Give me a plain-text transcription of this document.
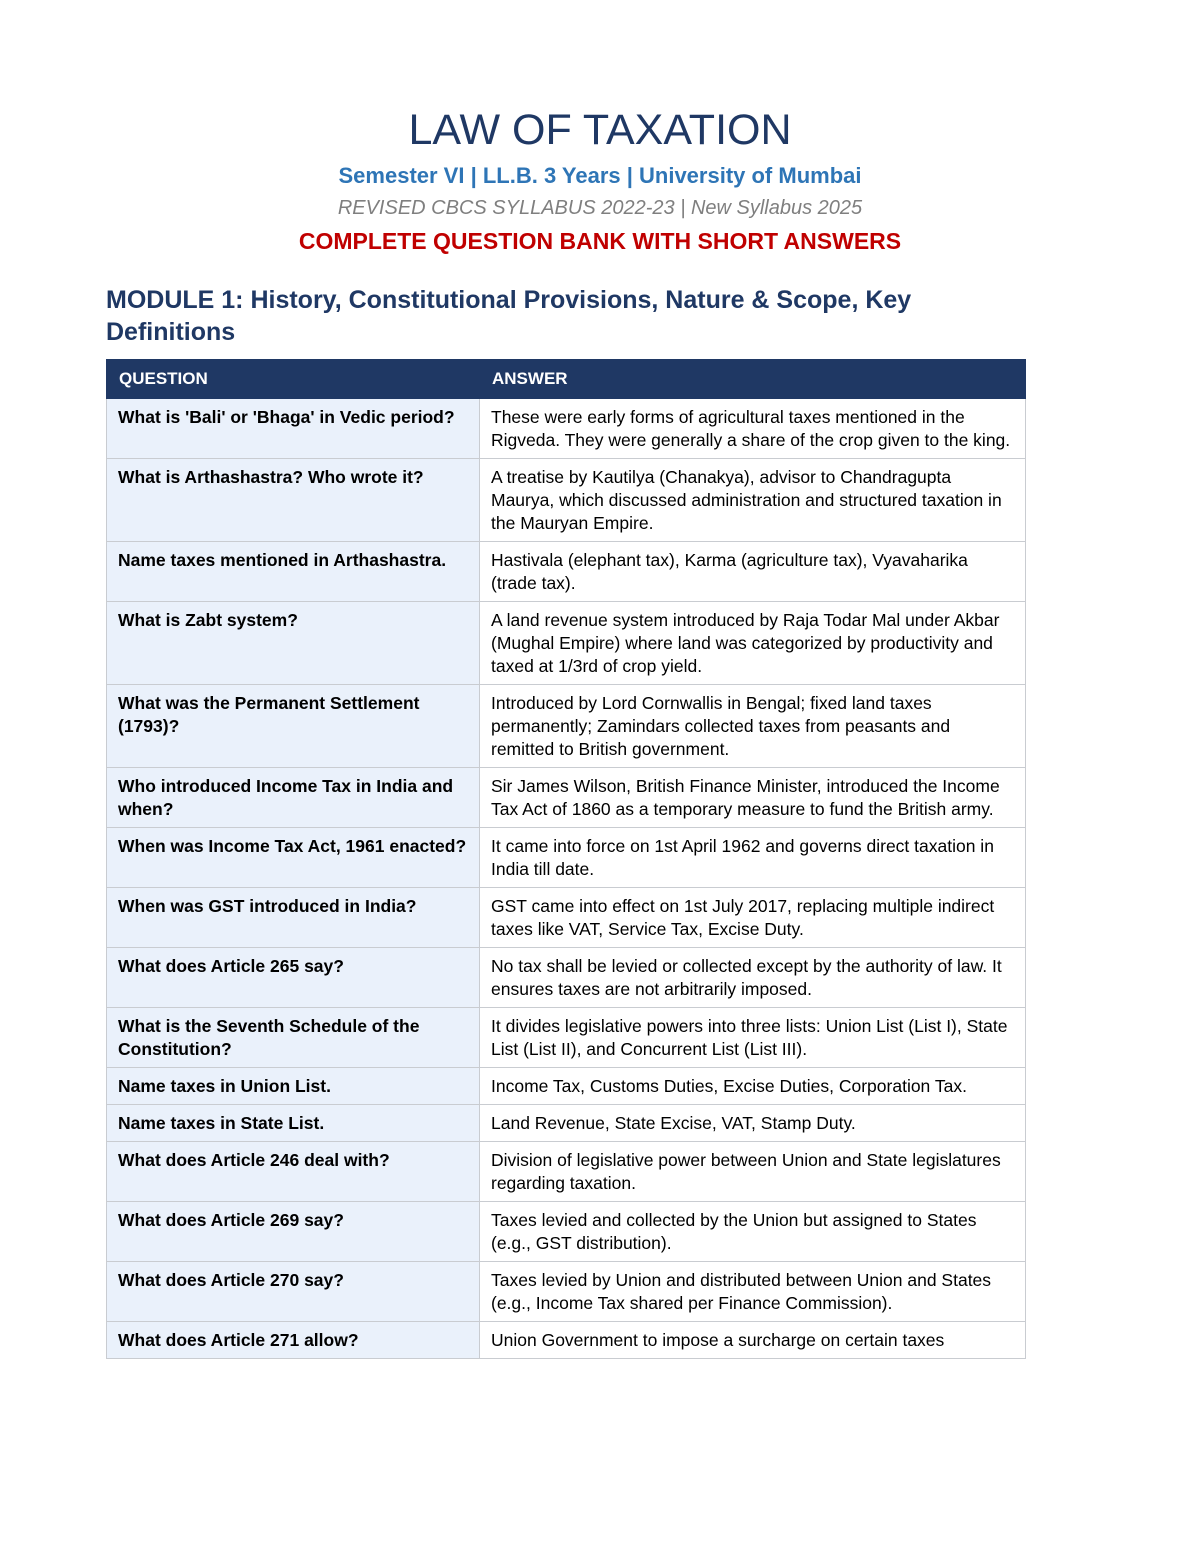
LAW OF TAXATION
Semester VI | LL.B. 3 Years | University of Mumbai
REVISED CBCS SYLLABUS 2022-23 | New Syllabus 2025
COMPLETE QUESTION BANK WITH SHORT ANSWERS
MODULE 1: History, Constitutional Provisions, Nature & Scope, Key Definitions
QUESTION	ANSWER
What is 'Bali' or 'Bhaga' in Vedic period?	These were early forms of agricultural taxes mentioned in the Rigveda. They were generally a share of the crop given to the king.
What is Arthashastra? Who wrote it?	A treatise by Kautilya (Chanakya), advisor to Chandragupta Maurya, which discussed administration and structured taxation in the Mauryan Empire.
Name taxes mentioned in Arthashastra.	Hastivala (elephant tax), Karma (agriculture tax), Vyavaharika (trade tax).
What is Zabt system?	A land revenue system introduced by Raja Todar Mal under Akbar (Mughal Empire) where land was categorized by productivity and taxed at 1/3rd of crop yield.
What was the Permanent Settlement (1793)?	Introduced by Lord Cornwallis in Bengal; fixed land taxes permanently; Zamindars collected taxes from peasants and remitted to British government.
Who introduced Income Tax in India and when?	Sir James Wilson, British Finance Minister, introduced the Income Tax Act of 1860 as a temporary measure to fund the British army.
When was Income Tax Act, 1961 enacted?	It came into force on 1st April 1962 and governs direct taxation in India till date.
When was GST introduced in India?	GST came into effect on 1st July 2017, replacing multiple indirect taxes like VAT, Service Tax, Excise Duty.
What does Article 265 say?	No tax shall be levied or collected except by the authority of law. It ensures taxes are not arbitrarily imposed.
What is the Seventh Schedule of the Constitution?	It divides legislative powers into three lists: Union List (List I), State List (List II), and Concurrent List (List III).
Name taxes in Union List.	Income Tax, Customs Duties, Excise Duties, Corporation Tax.
Name taxes in State List.	Land Revenue, State Excise, VAT, Stamp Duty.
What does Article 246 deal with?	Division of legislative power between Union and State legislatures regarding taxation.
What does Article 269 say?	Taxes levied and collected by the Union but assigned to States (e.g., GST distribution).
What does Article 270 say?	Taxes levied by Union and distributed between Union and States (e.g., Income Tax shared per Finance Commission).
What does Article 271 allow?	Union Government to impose a surcharge on certain taxes
